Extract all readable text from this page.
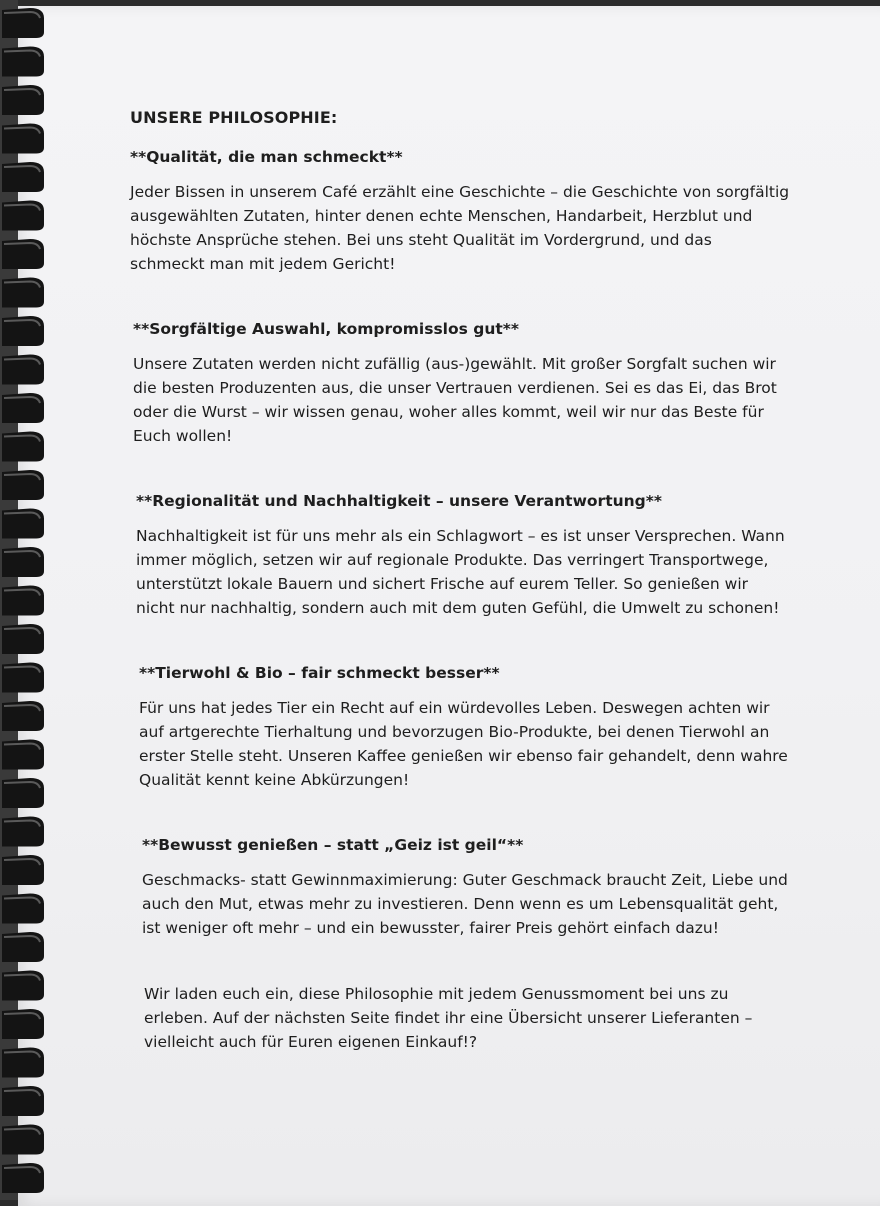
UNSERE PHILOSOPHIE:
**Qualität, die man schmeckt**

Jeder Bissen in unserem Café erzählt eine Geschichte – die Geschichte von sorgfältig ausgewählten Zutaten, hinter denen echte Menschen, Handarbeit, Herzblut und höchste Ansprüche stehen. Bei uns steht Qualität im Vordergrund, und das schmeckt man mit jedem Gericht!

**Sorgfältige Auswahl, kompromisslos gut**

Unsere Zutaten werden nicht zufällig (aus-)gewählt. Mit großer Sorgfalt suchen wir die besten Produzenten aus, die unser Vertrauen verdienen. Sei es das Ei, das Brot oder die Wurst – wir wissen genau, woher alles kommt, weil wir nur das Beste für Euch wollen!

**Regionalität und Nachhaltigkeit – unsere Verantwortung**

Nachhaltigkeit ist für uns mehr als ein Schlagwort – es ist unser Versprechen. Wann immer möglich, setzen wir auf regionale Produkte. Das verringert Transportwege, unterstützt lokale Bauern und sichert Frische auf eurem Teller. So genießen wir nicht nur nachhaltig, sondern auch mit dem guten Gefühl, die Umwelt zu schonen!

**Tierwohl & Bio – fair schmeckt besser**

Für uns hat jedes Tier ein Recht auf ein würdevolles Leben. Deswegen achten wir auf artgerechte Tierhaltung und bevorzugen Bio-Produkte, bei denen Tierwohl an erster Stelle steht. Unseren Kaffee genießen wir ebenso fair gehandelt, denn wahre Qualität kennt keine Abkürzungen!

**Bewusst genießen – statt „Geiz ist geil“**

Geschmacks- statt Gewinnmaximierung: Guter Geschmack braucht Zeit, Liebe und auch den Mut, etwas mehr zu investieren. Denn wenn es um Lebensqualität geht, ist weniger oft mehr – und ein bewusster, fairer Preis gehört einfach dazu!

Wir laden euch ein, diese Philosophie mit jedem Genussmoment bei uns zu erleben. Auf der nächsten Seite findet ihr eine Übersicht unserer Lieferanten – vielleicht auch für Euren eigenen Einkauf!?
